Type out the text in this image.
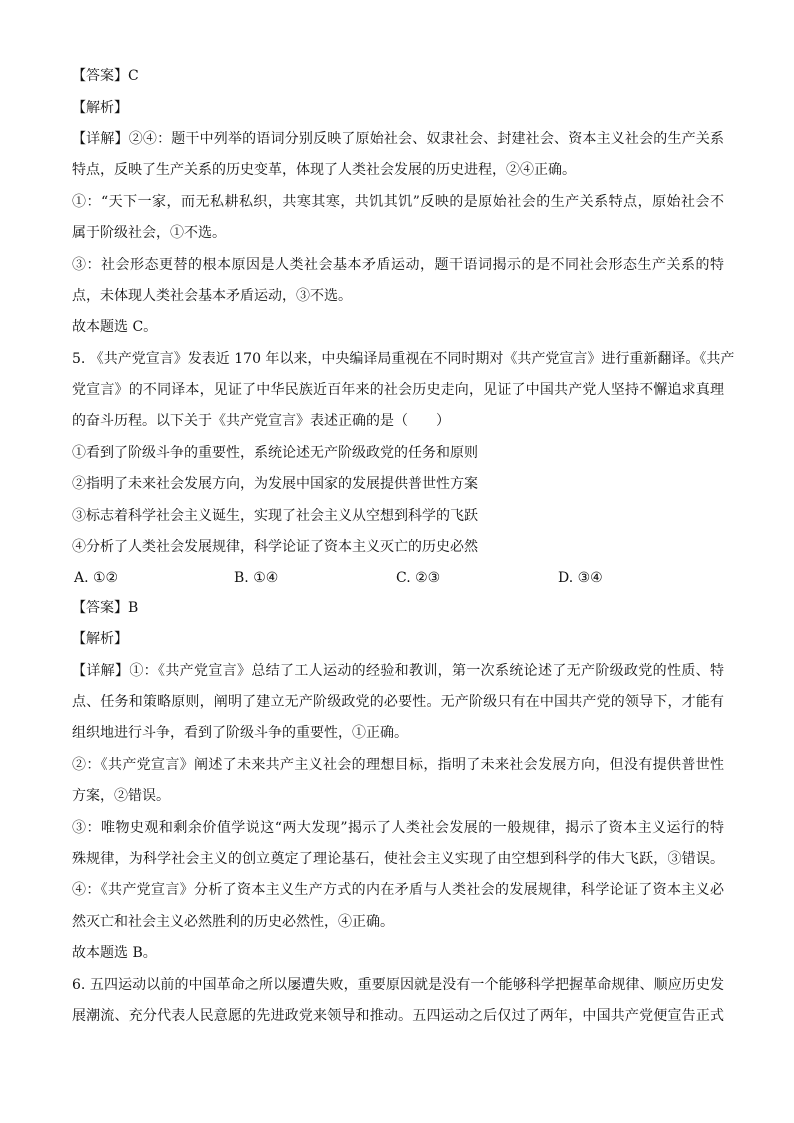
【答案】C
【解析】
【详解】②④：题干中列举的语词分别反映了原始社会、奴隶社会、封建社会、资本主义社会的生产关系
特点，反映了生产关系的历史变革，体现了人类社会发展的历史进程，②④正确。
①：“天下一家，而无私耕私织，共寒其寒，共饥其饥”反映的是原始社会的生产关系特点，原始社会不
属于阶级社会，①不选。
③：社会形态更替的根本原因是人类社会基本矛盾运动，题干语词揭示的是不同社会形态生产关系的特
点，未体现人类社会基本矛盾运动，③不选。
故本题选 C。
5. 《共产党宣言》发表近 170 年以来，中央编译局重视在不同时期对《共产党宣言》进行重新翻译。《共产
党宣言》的不同译本，见证了中华民族近百年来的社会历史走向，见证了中国共产党人坚持不懈追求真理
的奋斗历程。以下关于《共产党宣言》表述正确的是（　　）
①看到了阶级斗争的重要性，系统论述无产阶级政党的任务和原则
②指明了未来社会发展方向，为发展中国家的发展提供普世性方案
③标志着科学社会主义诞生，实现了社会主义从空想到科学的飞跃
④分析了人类社会发展规律，科学论证了资本主义灭亡的历史必然
A. ①②	B. ①④	C. ②③	D. ③④
【答案】B
【解析】
【详解】①：《共产党宣言》总结了工人运动的经验和教训，第一次系统论述了无产阶级政党的性质、特
点、任务和策略原则，阐明了建立无产阶级政党的必要性。无产阶级只有在中国共产党的领导下，才能有
组织地进行斗争，看到了阶级斗争的重要性，①正确。
②：《共产党宣言》阐述了未来共产主义社会的理想目标，指明了未来社会发展方向，但没有提供普世性
方案，②错误。
③：唯物史观和剩余价值学说这“两大发现”揭示了人类社会发展的一般规律，揭示了资本主义运行的特
殊规律，为科学社会主义的创立奠定了理论基石，使社会主义实现了由空想到科学的伟大飞跃，③错误。
④：《共产党宣言》分析了资本主义生产方式的内在矛盾与人类社会的发展规律，科学论证了资本主义必
然灭亡和社会主义必然胜利的历史必然性，④正确。
故本题选 B。
6. 五四运动以前的中国革命之所以屡遭失败，重要原因就是没有一个能够科学把握革命规律、顺应历史发
展潮流、充分代表人民意愿的先进政党来领导和推动。五四运动之后仅过了两年，中国共产党便宣告正式
